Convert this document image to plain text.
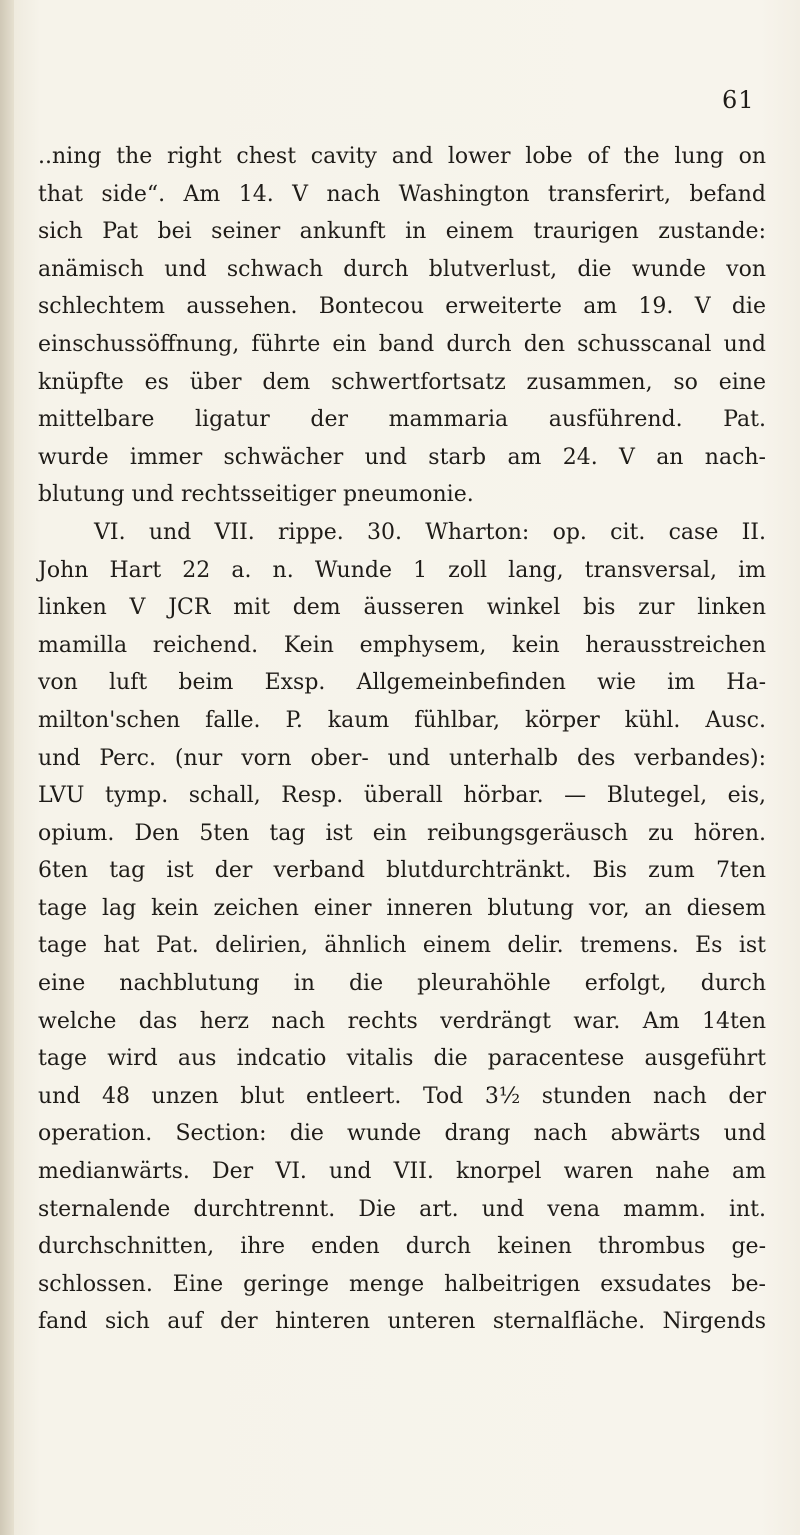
61
..ning the right chest cavity and lower lobe of the lung on
that side“. Am 14. V nach Washington transferirt, befand
sich Pat bei seiner ankunft in einem traurigen zustande:
anämisch und schwach durch blutverlust, die wunde von
schlechtem aussehen. Bontecou erweiterte am 19. V die
einschussöffnung, führte ein band durch den schusscanal und
knüpfte es über dem schwertfortsatz zusammen, so eine
mittelbare ligatur der mammaria ausführend. Pat.
wurde immer schwächer und starb am 24. V an nach-
blutung und rechtsseitiger pneumonie.
VI. und VII. rippe. 30. Wharton: op. cit. case II.
John Hart 22 a. n. Wunde 1 zoll lang, transversal, im
linken V JCR mit dem äusseren winkel bis zur linken
mamilla reichend. Kein emphysem, kein herausstreichen
von luft beim Exsp. Allgemeinbefinden wie im Ha-
milton'schen falle. P. kaum fühlbar, körper kühl. Ausc.
und Perc. (nur vorn ober- und unterhalb des verbandes):
LVU tymp. schall, Resp. überall hörbar. — Blutegel, eis,
opium. Den 5ten tag ist ein reibungsgeräusch zu hören.
6ten tag ist der verband blutdurchtränkt. Bis zum 7ten
tage lag kein zeichen einer inneren blutung vor, an diesem
tage hat Pat. delirien, ähnlich einem delir. tremens. Es ist
eine nachblutung in die pleurahöhle erfolgt, durch
welche das herz nach rechts verdrängt war. Am 14ten
tage wird aus indcatio vitalis die paracentese ausgeführt
und 48 unzen blut entleert. Tod 3½ stunden nach der
operation. Section: die wunde drang nach abwärts und
medianwärts. Der VI. und VII. knorpel waren nahe am
sternalende durchtrennt. Die art. und vena mamm. int.
durchschnitten, ihre enden durch keinen thrombus ge-
schlossen. Eine geringe menge halbeitrigen exsudates be-
fand sich auf der hinteren unteren sternalfläche. Nirgends
